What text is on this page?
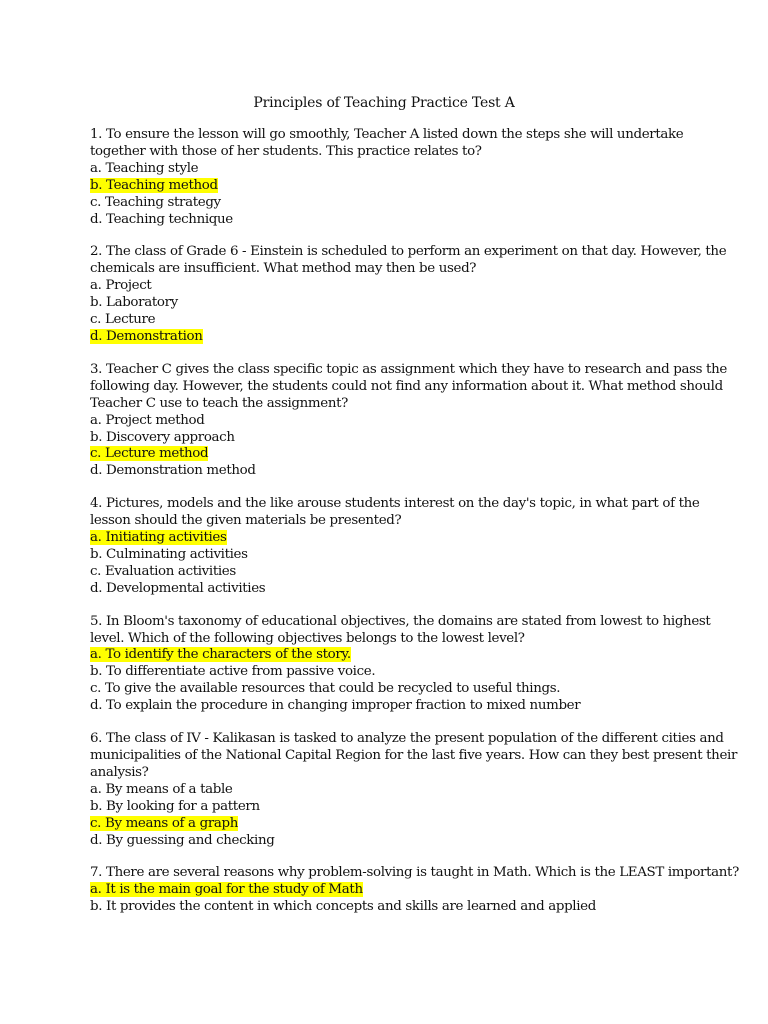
Principles of Teaching Practice Test A
1. To ensure the lesson will go smoothly, Teacher A listed down the steps she will undertake
together with those of her students. This practice relates to?
a. Teaching style
b. Teaching method
c. Teaching strategy
d. Teaching technique
2. The class of Grade 6 - Einstein is scheduled to perform an experiment on that day. However, the
chemicals are insufficient. What method may then be used?
a. Project
b. Laboratory
c. Lecture
d. Demonstration
3. Teacher C gives the class specific topic as assignment which they have to research and pass the
following day. However, the students could not find any information about it. What method should
Teacher C use to teach the assignment?
a. Project method
b. Discovery approach
c. Lecture method
d. Demonstration method
4. Pictures, models and the like arouse students interest on the day's topic, in what part of the
lesson should the given materials be presented?
a. Initiating activities
b. Culminating activities
c. Evaluation activities
d. Developmental activities
5. In Bloom's taxonomy of educational objectives, the domains are stated from lowest to highest
level. Which of the following objectives belongs to the lowest level?
a. To identify the characters of the story.
b. To differentiate active from passive voice.
c. To give the available resources that could be recycled to useful things.
d. To explain the procedure in changing improper fraction to mixed number
6. The class of IV - Kalikasan is tasked to analyze the present population of the different cities and
municipalities of the National Capital Region for the last five years. How can they best present their
analysis?
a. By means of a table
b. By looking for a pattern
c. By means of a graph
d. By guessing and checking
7. There are several reasons why problem-solving is taught in Math. Which is the LEAST important?
a. It is the main goal for the study of Math
b. It provides the content in which concepts and skills are learned and applied
